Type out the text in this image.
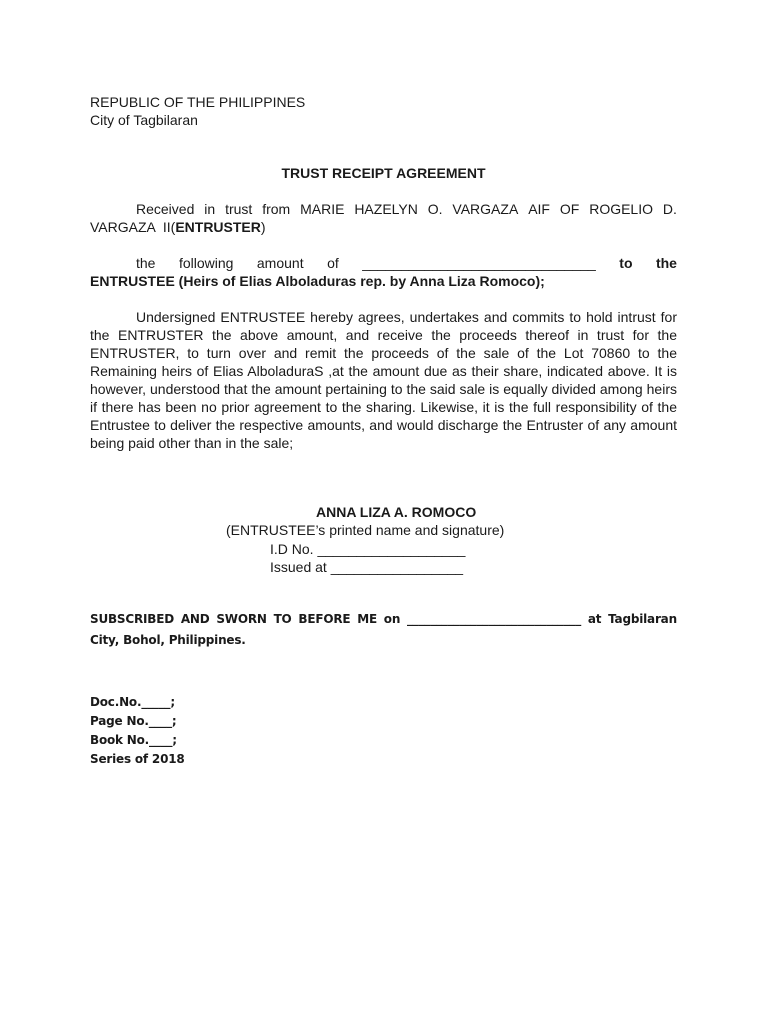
REPUBLIC OF THE PHILIPPINES
City of Tagbilaran
TRUST RECEIPT AGREEMENT
Received in trust from MARIE HAZELYN O. VARGAZA AIF OF ROGELIO D.
VARGAZA  II(ENTRUSTER)
the following amount of ______________________________ to the
ENTRUSTEE (Heirs of Elias Alboladuras rep. by Anna Liza Romoco);
Undersigned ENTRUSTEE hereby agrees, undertakes and commits to hold intrust for the ENTRUSTER the above amount, and receive the proceeds thereof in trust for the ENTRUSTER, to turn over and remit the proceeds of the sale of the Lot 70860 to the Remaining heirs of Elias AlboladuraS ,at the amount due as their share, indicated above. It is however, understood that the amount pertaining to the said sale is equally divided among heirs if there has been no prior agreement to the sharing. Likewise, it is the full responsibility of the Entrustee to deliver the respective amounts, and would discharge the Entruster of any amount being paid other than in the sale;
ANNA LIZA A. ROMOCO
(ENTRUSTEE’s printed name and signature)
I.D No. ___________________
Issued at _________________
SUBSCRIBED AND SWORN TO BEFORE ME on ______________________________ at Tagbilaran
City, Bohol, Philippines.
Doc.No._____;
Page No.____;
Book No.____;
Series of 2018
